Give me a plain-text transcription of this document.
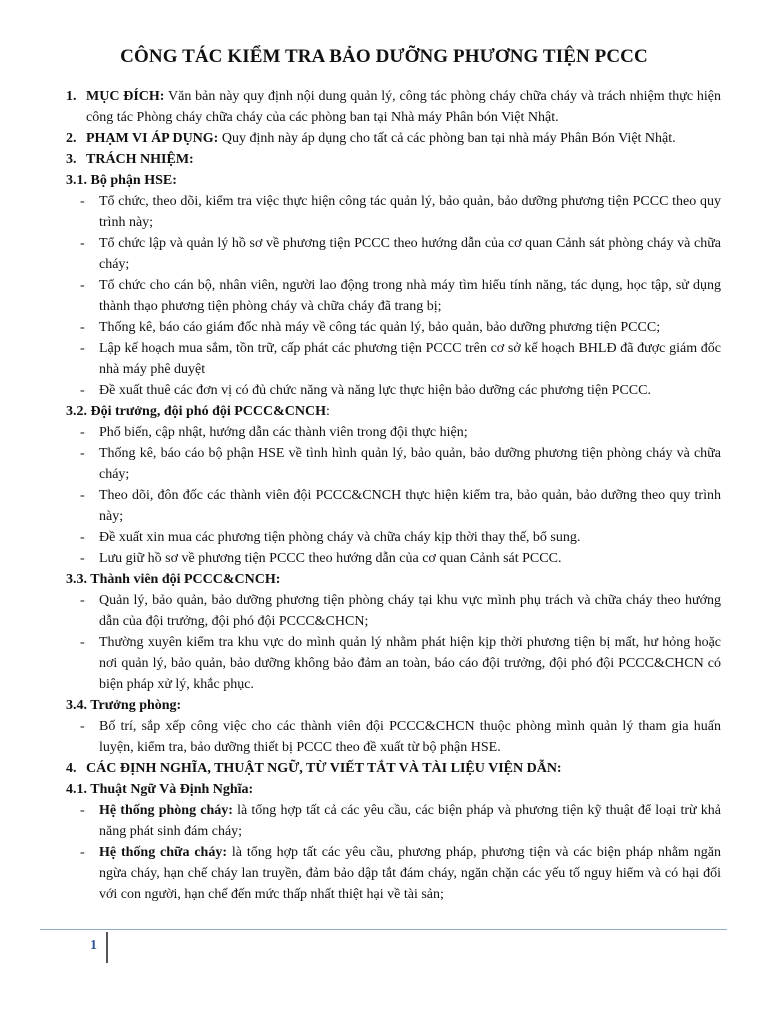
CÔNG TÁC KIỂM TRA BẢO DƯỠNG PHƯƠNG TIỆN PCCC

1. MỤC ĐÍCH: Văn bản này quy định nội dung quản lý, công tác phòng cháy chữa cháy và trách nhiệm thực hiện công tác Phòng cháy chữa cháy của các phòng ban tại Nhà máy Phân bón Việt Nhật.

2. PHẠM VI ÁP DỤNG: Quy định này áp dụng cho tất cả các phòng ban tại nhà máy Phân Bón Việt Nhật.

3. TRÁCH NHIỆM:

3.1. Bộ phận HSE:

- Tổ chức, theo dõi, kiểm tra việc thực hiện công tác quản lý, bảo quản, bảo dưỡng phương tiện PCCC theo quy trình này;
- Tổ chức lập và quản lý hồ sơ về phương tiện PCCC theo hướng dẫn của cơ quan Cảnh sát phòng cháy và chữa cháy;
- Tổ chức cho cán bộ, nhân viên, người lao động trong nhà máy tìm hiểu tính năng, tác dụng, học tập, sử dụng thành thạo phương tiện phòng cháy và chữa cháy đã trang bị;
- Thống kê, báo cáo giám đốc nhà máy về công tác quản lý, bảo quản, bảo dưỡng phương tiện PCCC;
- Lập kế hoạch mua sắm, tồn trữ, cấp phát các phương tiện PCCC trên cơ sở kế hoạch BHLĐ đã được giám đốc nhà máy phê duyệt
- Đề xuất thuê các đơn vị có đủ chức năng và năng lực thực hiện bảo dưỡng các phương tiện PCCC.

3.2. Đội trưởng, đội phó đội PCCC&CNCH:

- Phổ biến, cập nhật, hướng dẫn các thành viên trong đội thực hiện;
- Thống kê, báo cáo bộ phận HSE về tình hình quản lý, bảo quản, bảo dưỡng phương tiện phòng cháy và chữa cháy;
- Theo dõi, đôn đốc các thành viên đội PCCC&CNCH thực hiện kiểm tra, bảo quản, bảo dưỡng theo quy trình này;
- Đề xuất xin mua các phương tiện phòng cháy và chữa cháy kịp thời thay thế, bổ sung.
- Lưu giữ hồ sơ về phương tiện PCCC theo hướng dẫn của cơ quan Cảnh sát PCCC.

3.3. Thành viên đội PCCC&CNCH:

- Quản lý, bảo quản, bảo dưỡng phương tiện phòng cháy tại khu vực mình phụ trách và chữa cháy theo hướng dẫn của đội trưởng, đội phó đội PCCC&CHCN;
- Thường xuyên kiểm tra khu vực do mình quản lý nhằm phát hiện kịp thời phương tiện bị mất, hư hỏng hoặc nơi quản lý, bảo quản, bảo dưỡng không bảo đảm an toàn, báo cáo đội trưởng, đội phó đội PCCC&CHCN có biện pháp xử lý, khắc phục.

3.4. Trưởng phòng:

- Bố trí, sắp xếp công việc cho các thành viên đội PCCC&CHCN thuộc phòng mình quản lý tham gia huấn luyện, kiểm tra, bảo dưỡng thiết bị PCCC theo đề xuất từ bộ phận HSE.

4. CÁC ĐỊNH NGHĨA, THUẬT NGỮ, TỪ VIẾT TẮT VÀ TÀI LIỆU VIỆN DẪN:

4.1. Thuật Ngữ Và Định Nghĩa:

- Hệ thống phòng cháy: là tổng hợp tất cả các yêu cầu, các biện pháp và phương tiện kỹ thuật để loại trừ khả năng phát sinh đám cháy;
- Hệ thống chữa cháy: là tổng hợp tất các yêu cầu, phương pháp, phương tiện và các biện pháp nhằm ngăn ngừa cháy, hạn chế cháy lan truyền, đảm bảo dập tắt đám cháy, ngăn chặn các yếu tố nguy hiểm và có hại đối với con người, hạn chế đến mức thấp nhất thiệt hại về tài sản;
1
